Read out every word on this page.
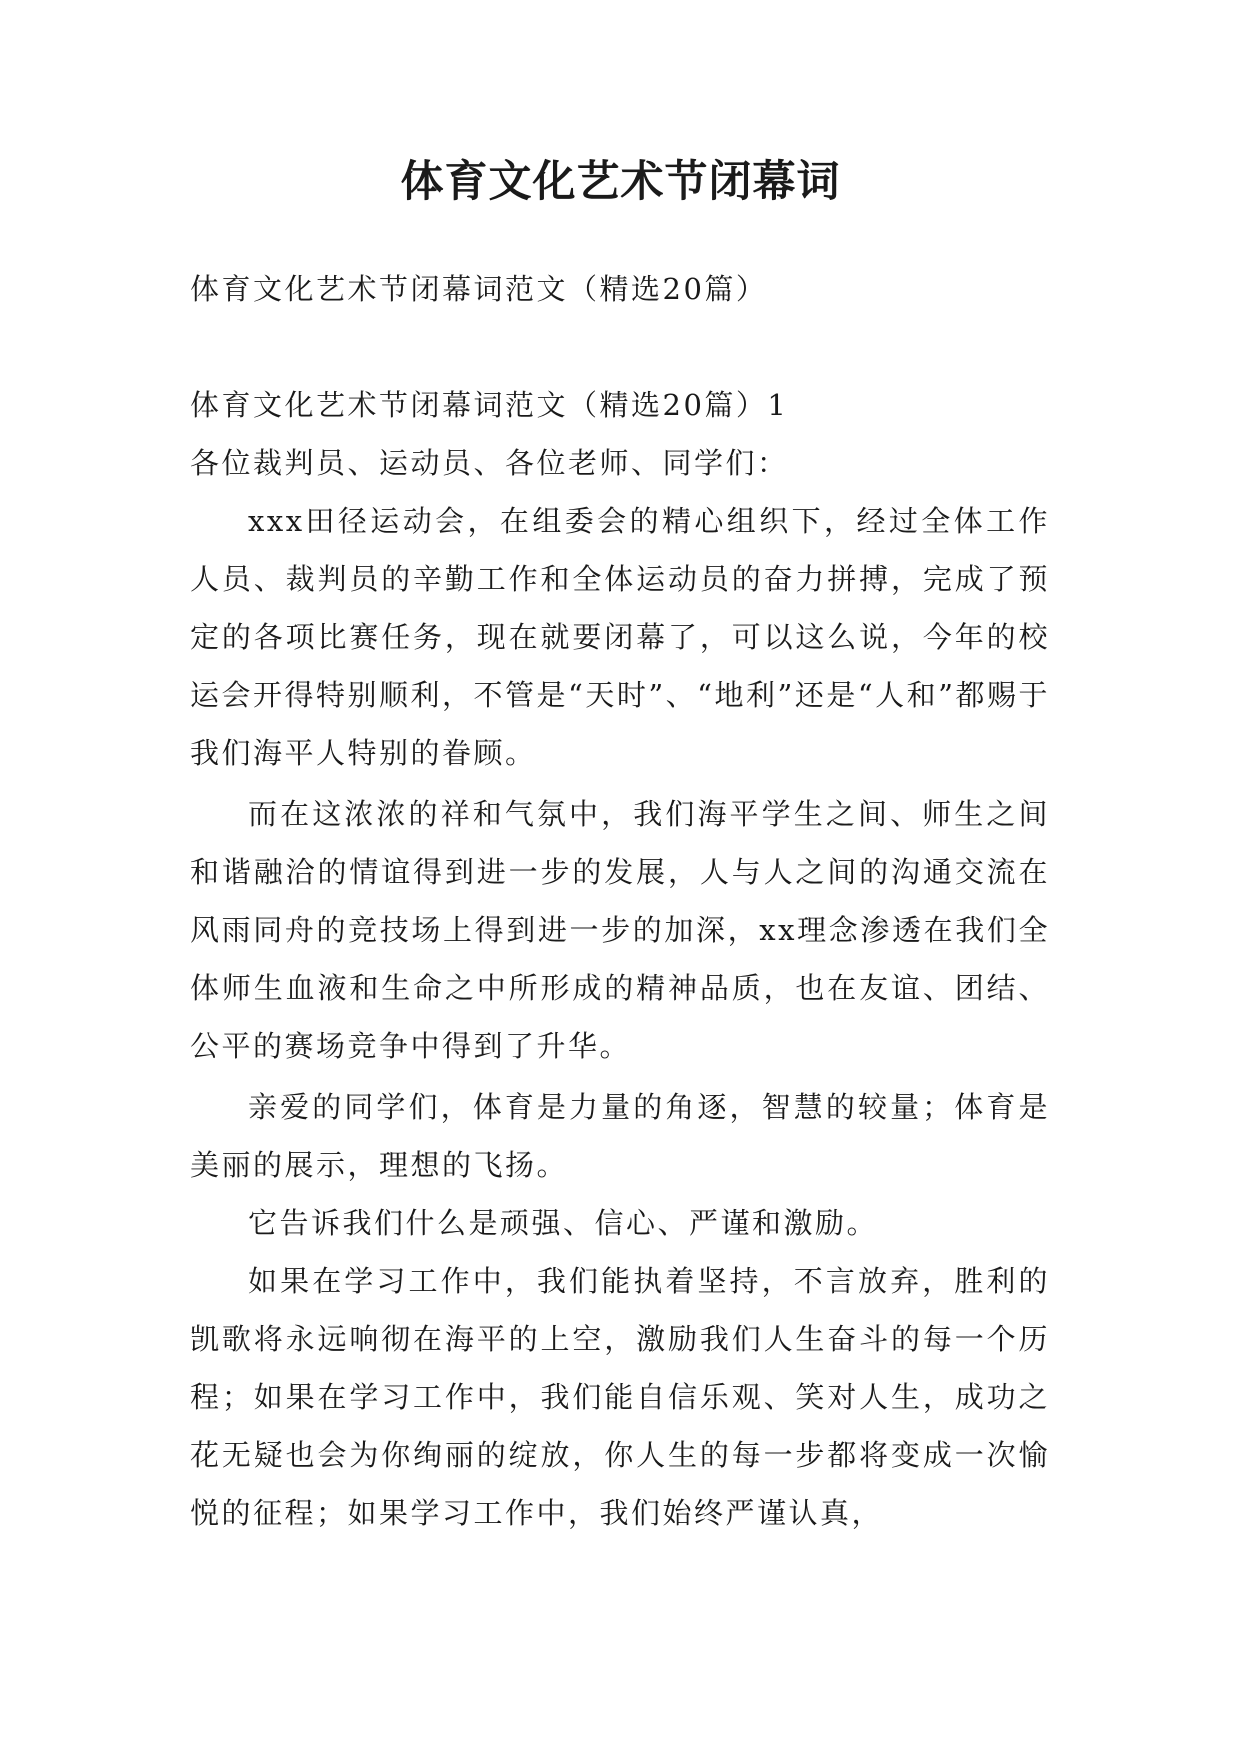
体育文化艺术节闭幕词

体育文化艺术节闭幕词范文（精选20篇）

体育文化艺术节闭幕词范文（精选20篇）1

各位裁判员、运动员、各位老师、同学们：

xxx田径运动会，在组委会的精心组织下，经过全体工作人员、裁判员的辛勤工作和全体运动员的奋力拼搏，完成了预定的各项比赛任务，现在就要闭幕了，可以这么说，今年的校运会开得特别顺利，不管是“天时”、“地利”还是“人和”都赐于我们海平人特别的眷顾。

而在这浓浓的祥和气氛中，我们海平学生之间、师生之间和谐融洽的情谊得到进一步的发展，人与人之间的沟通交流在风雨同舟的竞技场上得到进一步的加深，xx理念渗透在我们全体师生血液和生命之中所形成的精神品质，也在友谊、团结、公平的赛场竞争中得到了升华。

亲爱的同学们，体育是力量的角逐，智慧的较量；体育是美丽的展示，理想的飞扬。

它告诉我们什么是顽强、信心、严谨和激励。

如果在学习工作中，我们能执着坚持，不言放弃，胜利的凯歌将永远响彻在海平的上空，激励我们人生奋斗的每一个历程；如果在学习工作中，我们能自信乐观、笑对人生，成功之花无疑也会为你绚丽的绽放，你人生的每一步都将变成一次愉悦的征程；如果学习工作中，我们始终严谨认真，
